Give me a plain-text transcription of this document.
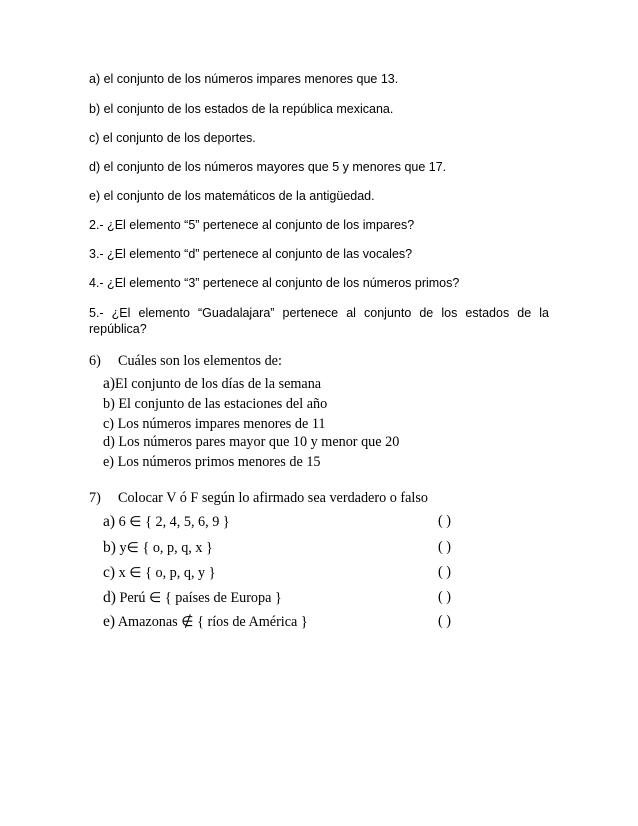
a) el conjunto de los números impares menores que 13.
b) el conjunto de los estados de la república mexicana.
c) el conjunto de los deportes.
d) el conjunto de los números mayores que 5 y menores que 17.
e) el conjunto de los matemáticos de la antigüedad.
2.- ¿El elemento “5” pertenece al conjunto de los impares?
3.- ¿El elemento “d” pertenece al conjunto de las vocales?
4.- ¿El elemento “3” pertenece al conjunto de los números primos?
5.- ¿El elemento “Guadalajara” pertenece al conjunto de los estados de la república?
6) Cuáles son los elementos de:
a)El conjunto de los días de la semana
b) El conjunto de las estaciones del año
c) Los números impares menores de 11
d) Los números pares mayor que 10 y menor que 20
e) Los números primos menores de 15
7) Colocar V ó F según lo afirmado sea verdadero o falso
a) 6 ∈ { 2, 4, 5, 6, 9 }	( )
b) y∈ { o, p, q, x }	( )
c) x ∈ { o, p, q, y }	( )
d) Perú ∈ { países de Europa }	( )
e) Amazonas ∉ { ríos de América }	( )
